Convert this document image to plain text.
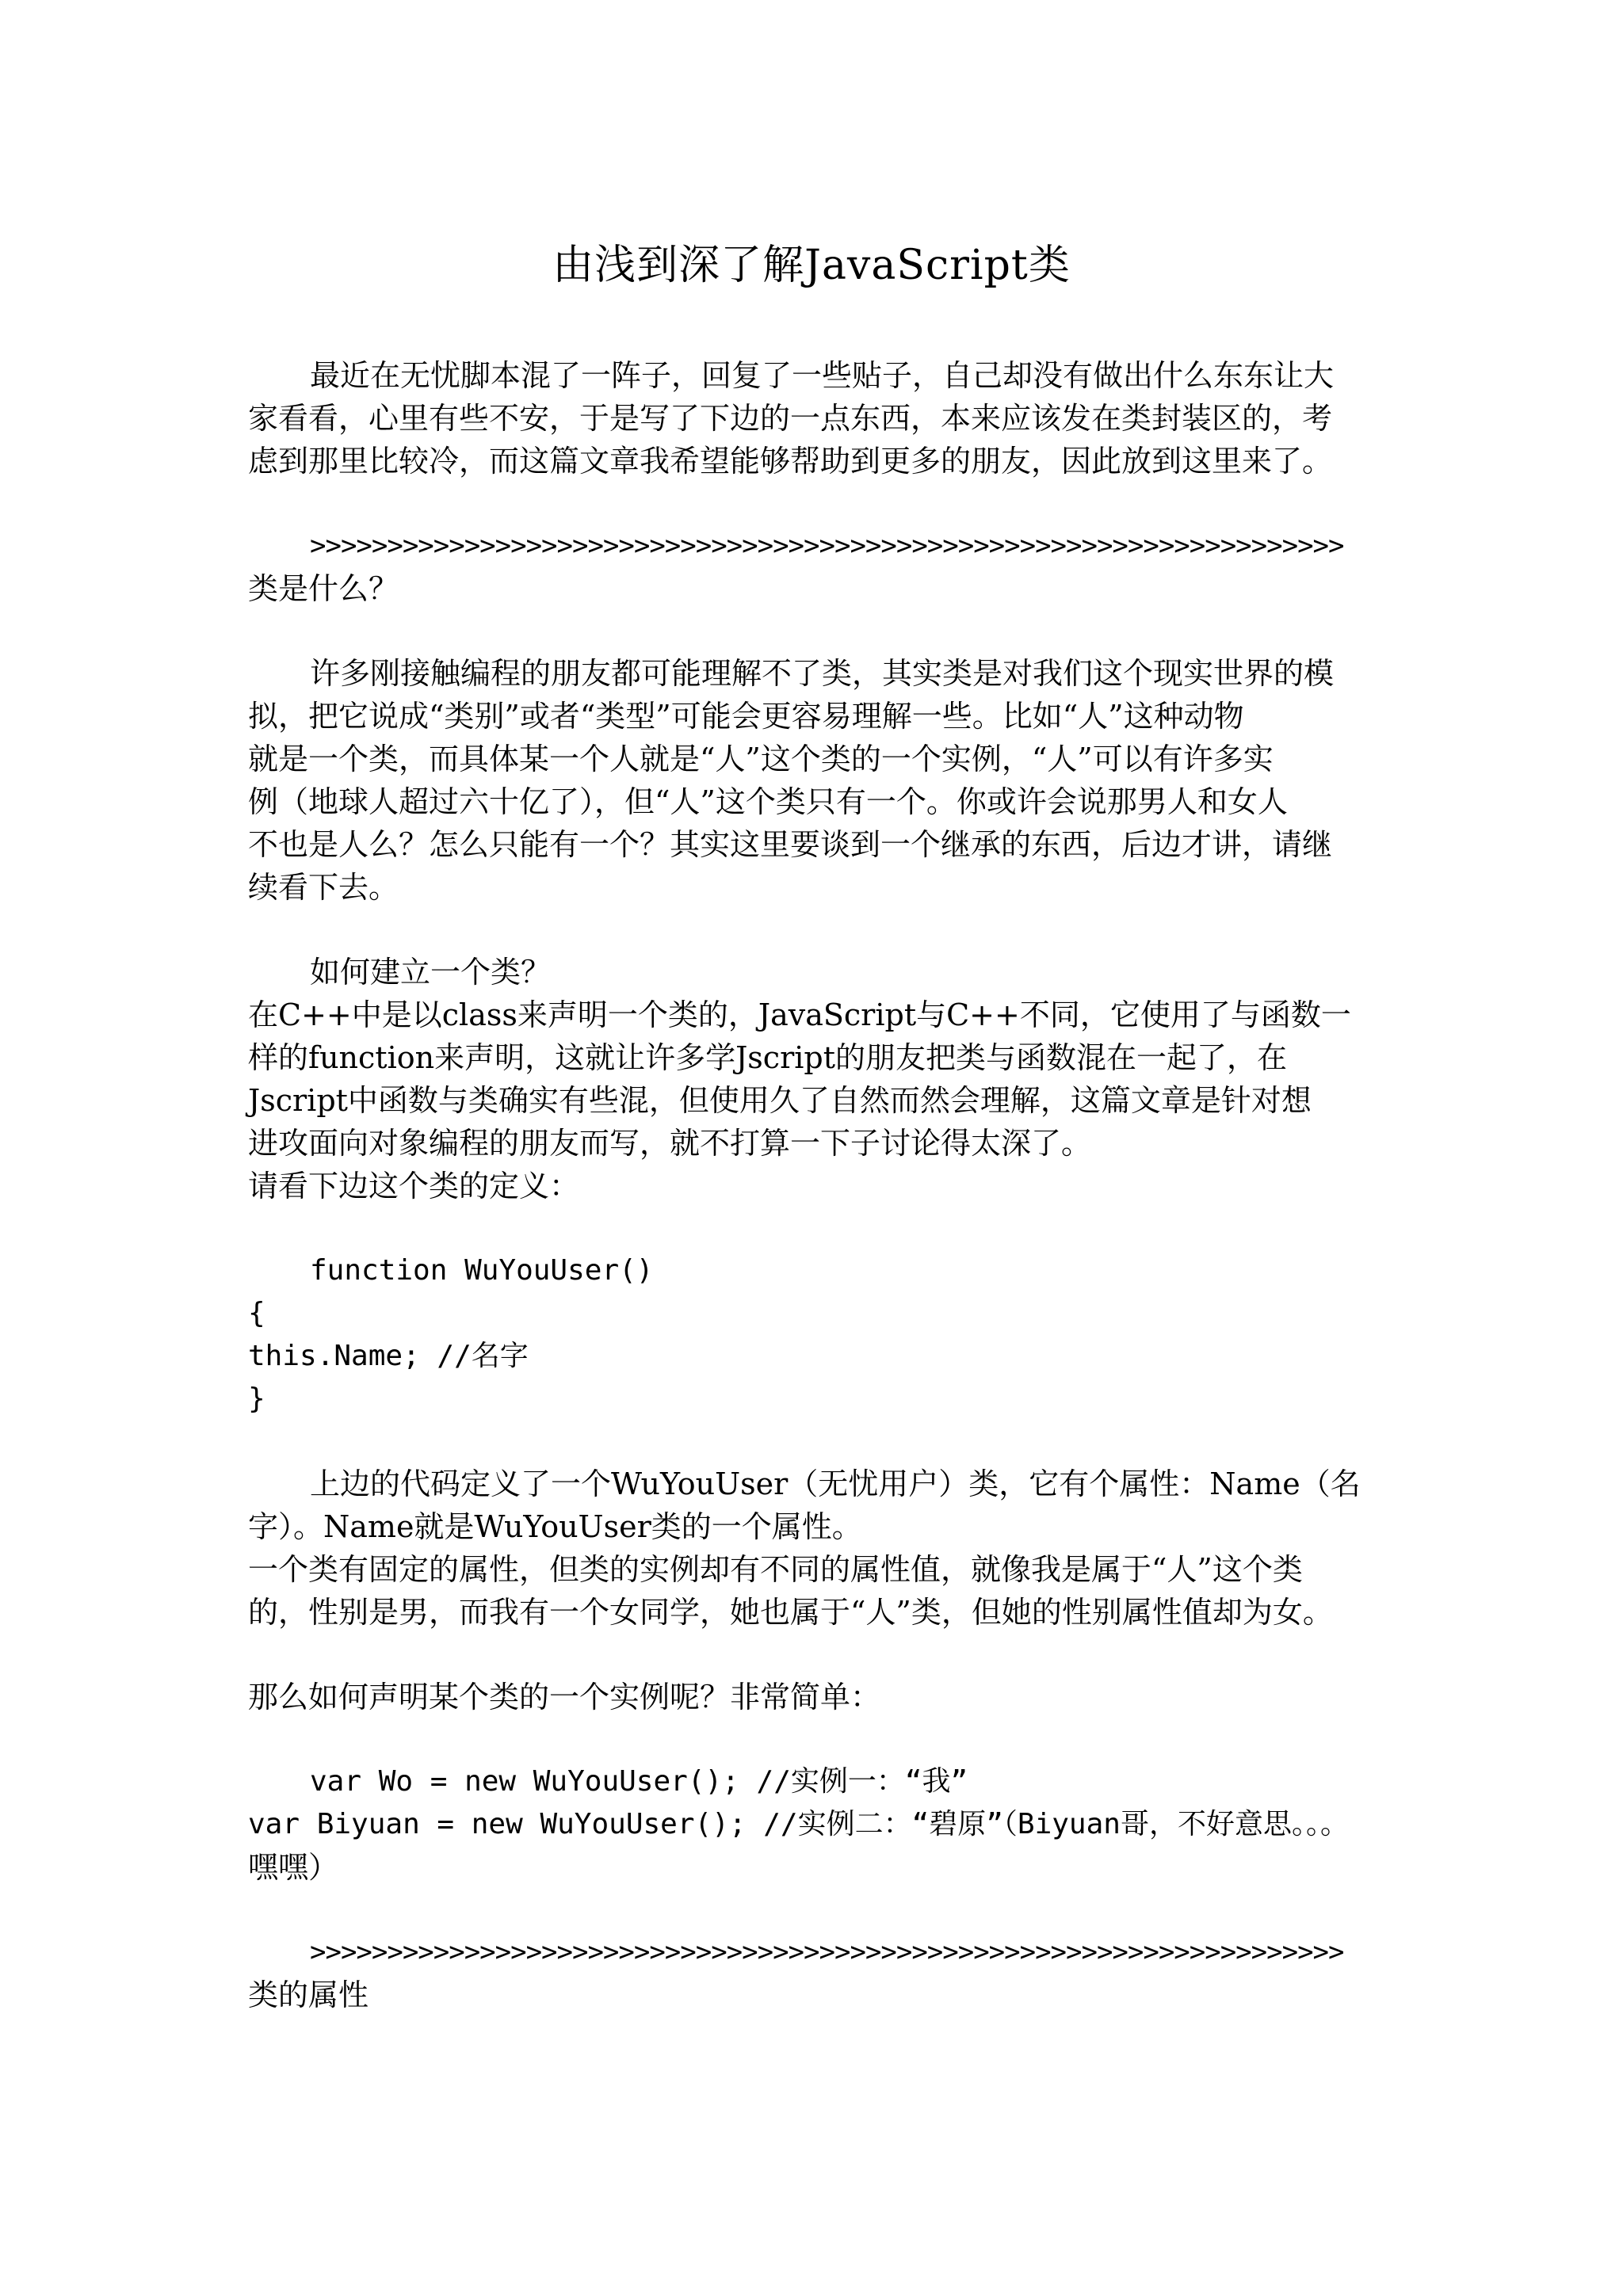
由浅到深了解JavaScript类
最近在无忧脚本混了一阵子，回复了一些贴子，自己却没有做出什么东东让大
家看看，心里有些不安，于是写了下边的一点东西，本来应该发在类封装区的，考
虑到那里比较冷，而这篇文章我希望能够帮助到更多的朋友，因此放到这里来了。
>>>>>>>>>>>>>>>>>>>>>>>>>>>>>>>>>>>>>>>>>>>>>>>>>>>>>>>>>>>>>>>>>>>
类是什么？
许多刚接触编程的朋友都可能理解不了类，其实类是对我们这个现实世界的模
拟，把它说成“类别”或者“类型”可能会更容易理解一些。比如“人”这种动物
就是一个类，而具体某一个人就是“人”这个类的一个实例，“人”可以有许多实
例（地球人超过六十亿了），但“人”这个类只有一个。你或许会说那男人和女人
不也是人么？怎么只能有一个？其实这里要谈到一个继承的东西，后边才讲，请继
续看下去。
如何建立一个类？
在C++中是以class来声明一个类的，JavaScript与C++不同，它使用了与函数一
样的function来声明，这就让许多学Jscript的朋友把类与函数混在一起了，在
Jscript中函数与类确实有些混，但使用久了自然而然会理解，这篇文章是针对想
进攻面向对象编程的朋友而写，就不打算一下子讨论得太深了。
请看下边这个类的定义：
function WuYouUser()
{
this.Name; //名字
}
上边的代码定义了一个WuYouUser（无忧用户）类，它有个属性：Name（名
字）。Name就是WuYouUser类的一个属性。
一个类有固定的属性，但类的实例却有不同的属性值，就像我是属于“人”这个类
的，性别是男，而我有一个女同学，她也属于“人”类，但她的性别属性值却为女。
那么如何声明某个类的一个实例呢？非常简单：
var Wo = new WuYouUser(); //实例一：“我”
var Biyuan = new WuYouUser(); //实例二：“碧原”（Biyuan哥，不好意思。。。
嘿嘿）
>>>>>>>>>>>>>>>>>>>>>>>>>>>>>>>>>>>>>>>>>>>>>>>>>>>>>>>>>>>>>>>>>>>
类的属性
